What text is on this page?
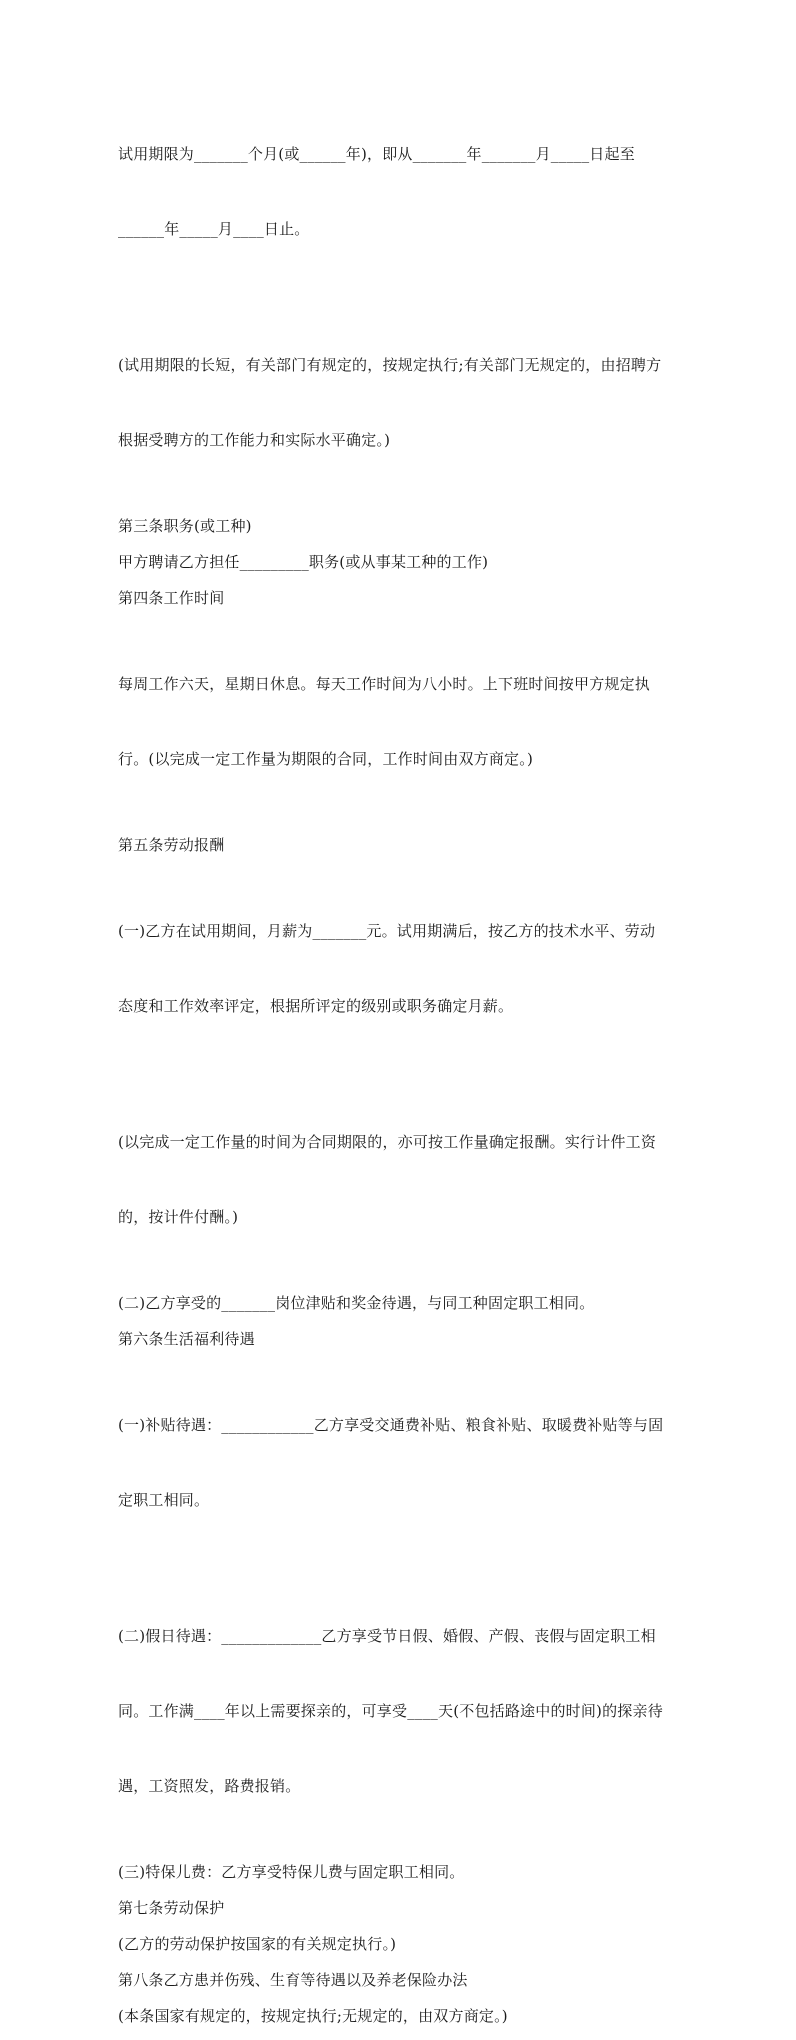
试用期限为_______个月(或______年)，即从_______年_______月_____日起至

______年_____月____日止。

(试用期限的长短，有关部门有规定的，按规定执行;有关部门无规定的，由招聘方

根据受聘方的工作能力和实际水平确定。)

第三条职务(或工种)

甲方聘请乙方担任_________职务(或从事某工种的工作)

第四条工作时间

每周工作六天，星期日休息。每天工作时间为八小时。上下班时间按甲方规定执

行。(以完成一定工作量为期限的合同，工作时间由双方商定。)

第五条劳动报酬

(一)乙方在试用期间，月薪为_______元。试用期满后，按乙方的技术水平、劳动

态度和工作效率评定，根据所评定的级别或职务确定月薪。

(以完成一定工作量的时间为合同期限的，亦可按工作量确定报酬。实行计件工资

的，按计件付酬。)

(二)乙方享受的_______岗位津贴和奖金待遇，与同工种固定职工相同。

第六条生活福利待遇

(一)补贴待遇：____________乙方享受交通费补贴、粮食补贴、取暖费补贴等与固

定职工相同。

(二)假日待遇：_____________乙方享受节日假、婚假、产假、丧假与固定职工相

同。工作满____年以上需要探亲的，可享受____天(不包括路途中的时间)的探亲待

遇，工资照发，路费报销。

(三)特保儿费：乙方享受特保儿费与固定职工相同。

第七条劳动保护

(乙方的劳动保护按国家的有关规定执行。)

第八条乙方患并伤残、生育等待遇以及养老保险办法

(本条国家有规定的，按规定执行;无规定的，由双方商定。)
